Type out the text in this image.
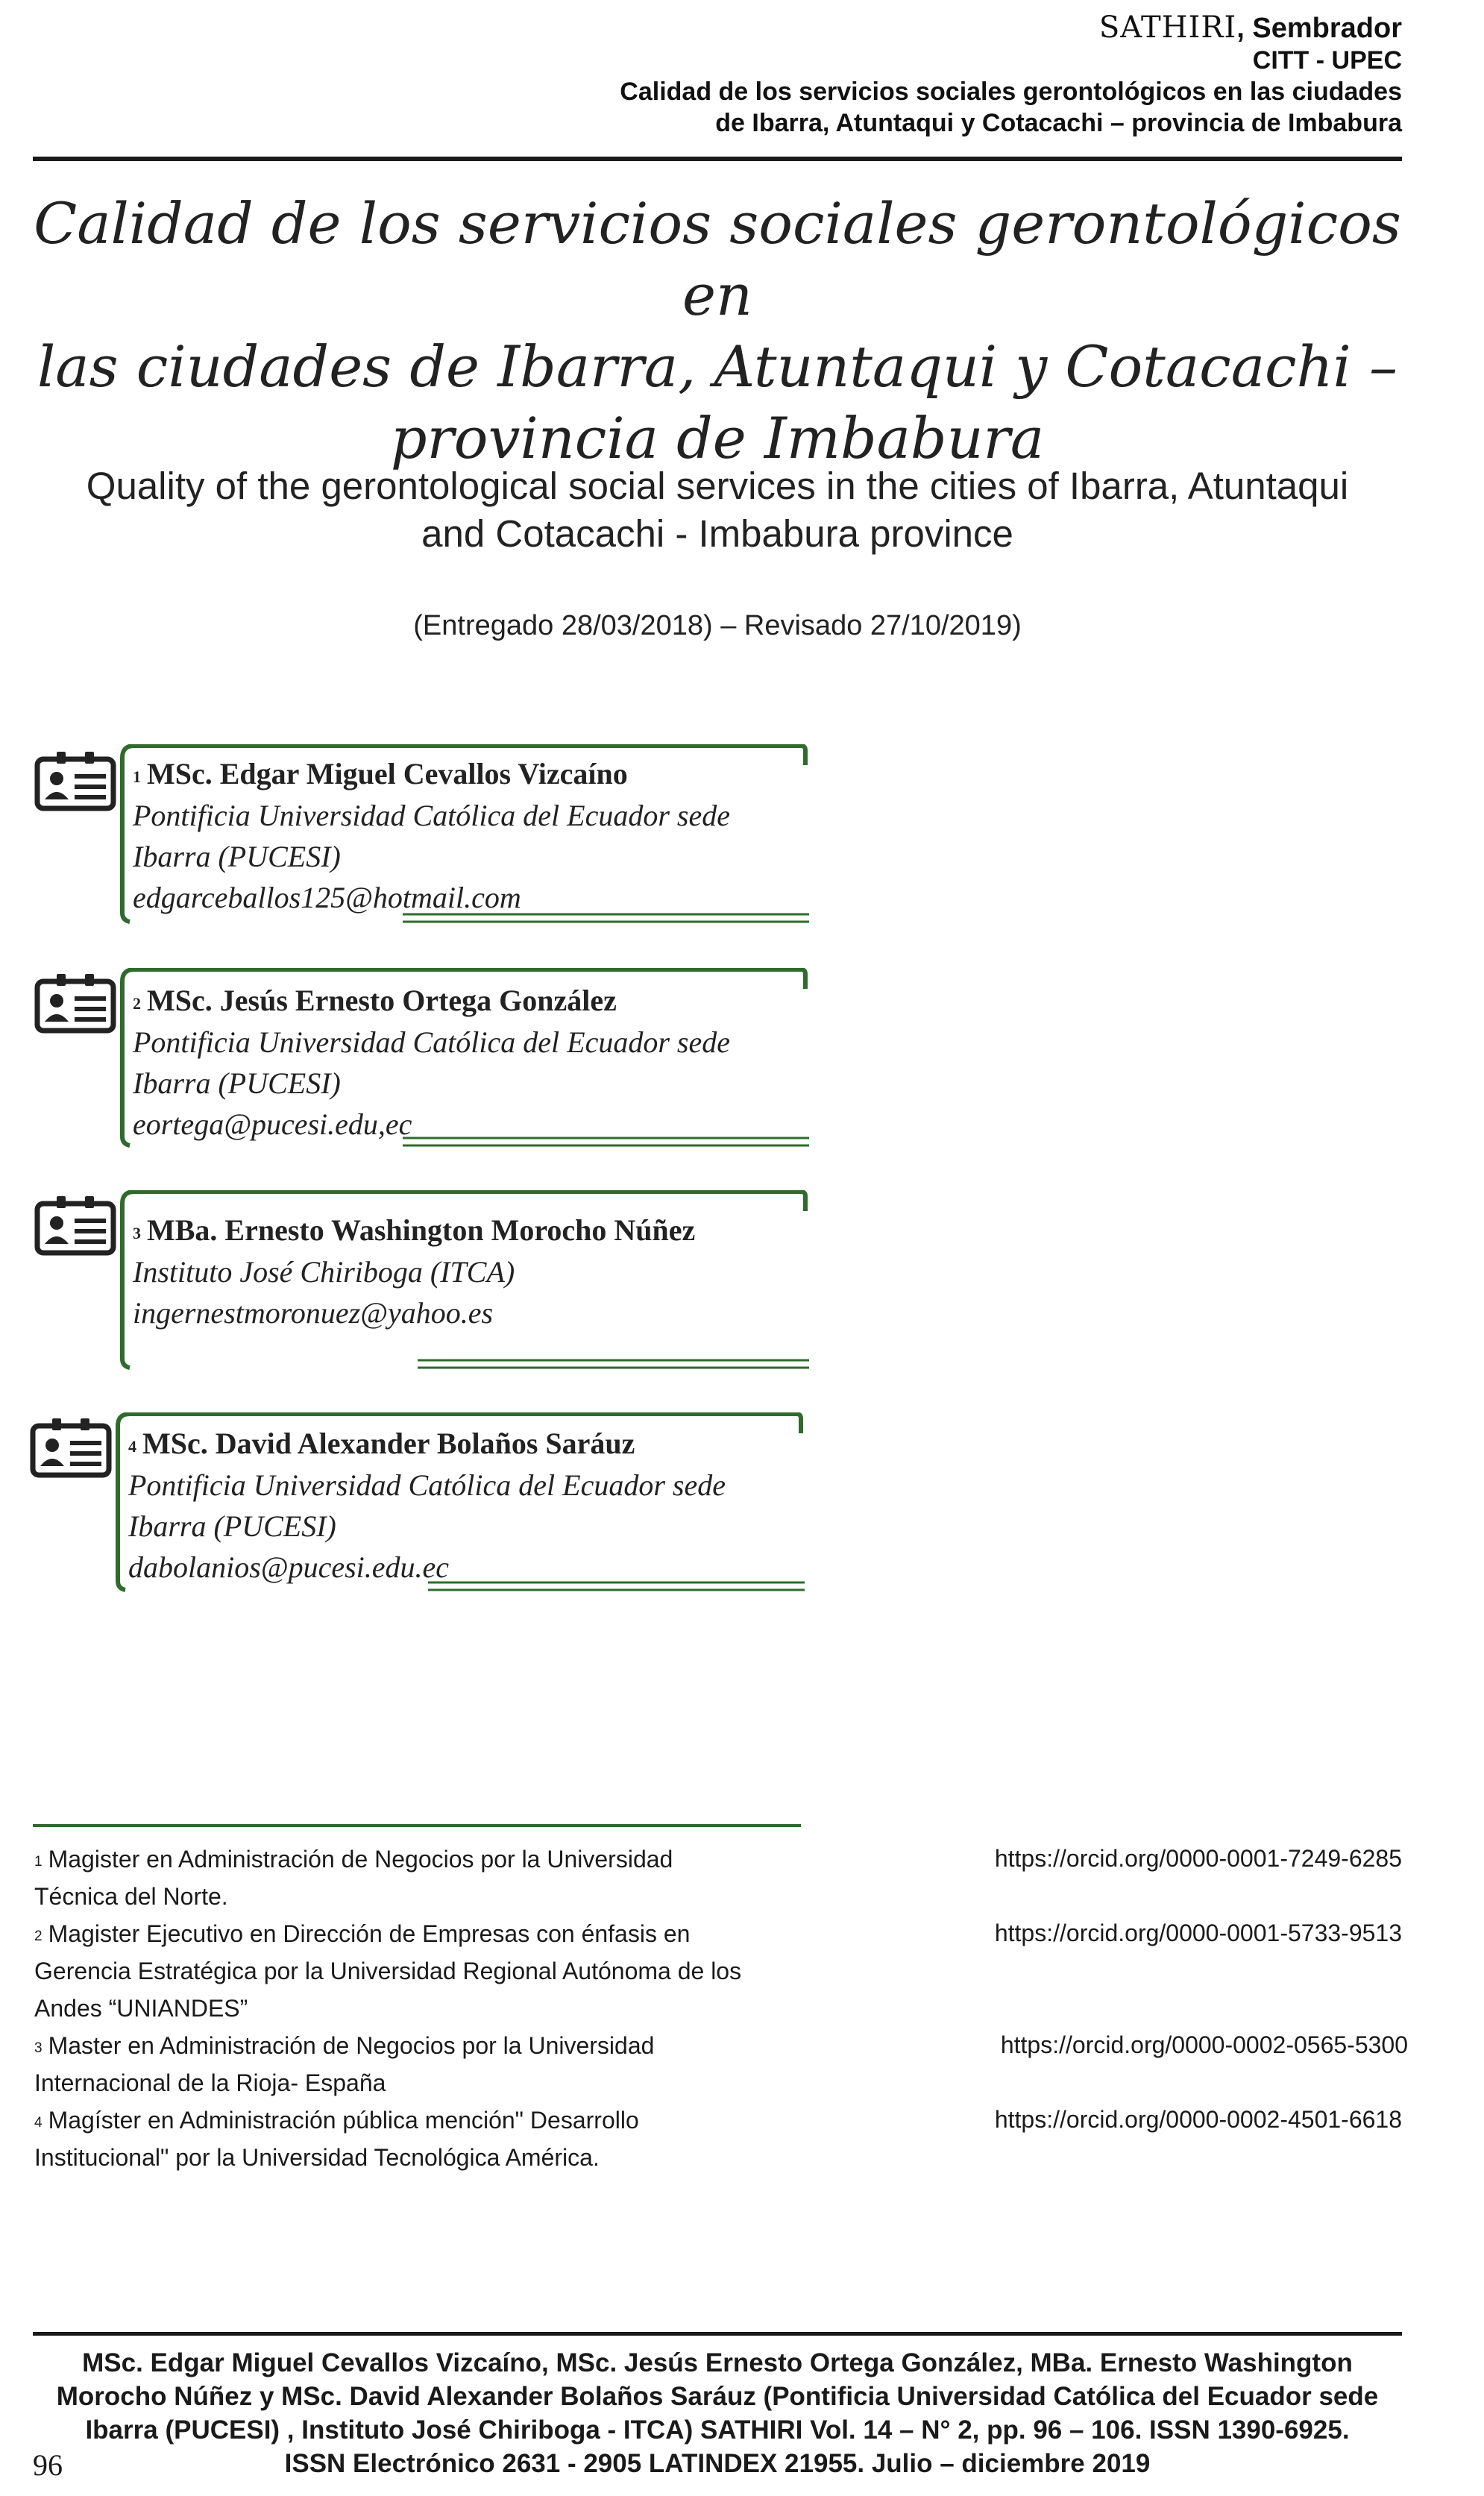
SATHIRI, Sembrador
CITT - UPEC
Calidad de los servicios sociales gerontológicos en las ciudades
de Ibarra, Atuntaqui y Cotacachi – provincia de Imbabura
Calidad de los servicios sociales gerontológicos en
las ciudades de Ibarra, Atuntaqui y Cotacachi –
provincia de Imbabura
Quality of the gerontological social services in the cities of Ibarra, Atuntaqui
and Cotacachi - Imbabura province
(Entregado 28/03/2018) – Revisado 27/10/2019)
$^1$ MSc. Edgar Miguel Cevallos Vizcaíno
Pontificia Universidad Católica del Ecuador sede
Ibarra (PUCESI)
edgarceballos125@hotmail.com
$^2$ MSc. Jesús Ernesto Ortega González
Pontificia Universidad Católica del Ecuador sede
Ibarra (PUCESI)
eortega@pucesi.edu,ec
$^3$ MBa. Ernesto Washington Morocho Núñez
Instituto José Chiriboga (ITCA)
ingernestmoronuez@yahoo.es
$^4$ MSc. David Alexander Bolaños Saráuz
Pontificia Universidad Católica del Ecuador sede
Ibarra (PUCESI)
dabolanios@pucesi.edu.ec
$^1$ Magister en Administración de Negocios por la Universidad
Técnica del Norte.
https://orcid.org/0000-0001-7249-6285
$^2$ Magister Ejecutivo en Dirección de Empresas con énfasis en
Gerencia Estratégica por la Universidad Regional Autónoma de los
Andes “UNIANDES”
https://orcid.org/0000-0001-5733-9513
$^3$ Master en Administración de Negocios por la Universidad
Internacional de la Rioja- España
https://orcid.org/0000-0002-0565-5300
$^4$ Magíster en Administración pública mención" Desarrollo
Institucional" por la Universidad Tecnológica América.
https://orcid.org/0000-0002-4501-6618
MSc. Edgar Miguel Cevallos Vizcaíno, MSc. Jesús Ernesto Ortega González, MBa. Ernesto Washington
Morocho Núñez y MSc. David Alexander Bolaños Saráuz (Pontificia Universidad Católica del Ecuador sede
Ibarra (PUCESI) , Instituto José Chiriboga - ITCA) SATHIRI Vol. 14 – N° 2, pp. 96 – 106. ISSN 1390-6925.
ISSN Electrónico 2631 - 2905 LATINDEX 21955. Julio – diciembre 2019
96
